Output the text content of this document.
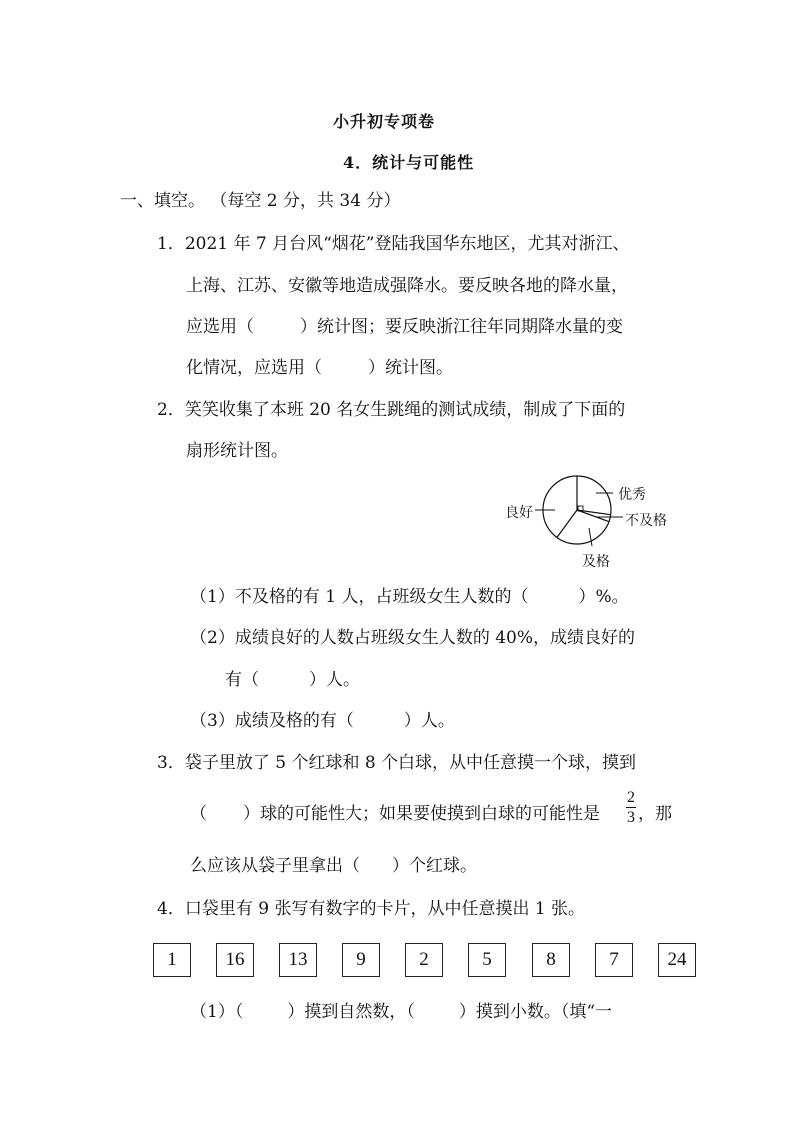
小升初专项卷
4．统计与可能性
一、填空。 （每空 2 分，共 34 分）
1．2021 年 7 月台风“烟花”登陆我国华东地区，尤其对浙江、
上海、江苏、安徽等地造成强降水。要反映各地的降水量，
应选用（	）统计图；要反映浙江往年同期降水量的变
化情况，应选用（	）统计图。
2．笑笑收集了本班 20 名女生跳绳的测试成绩，制成了下面的
扇形统计图。
良好
优秀
不及格
及格
（1）不及格的有 1 人，占班级女生人数的（	）%。
（2）成绩良好的人数占班级女生人数的 40%，成绩良好的
有（	）人。
（3）成绩及格的有（	）人。
3．袋子里放了 5 个红球和 8 个白球，从中任意摸一个球，摸到
（ ）球的可能性大；如果要使摸到白球的可能性是
2
3 ，那
么应该从袋子里拿出（ ）个红球。
4．口袋里有 9 张写有数字的卡片，从中任意摸出 1 张。
1	16	13	9	2	5	8	7	24
（1）（	）摸到自然数，（	）摸到小数。（填“一
